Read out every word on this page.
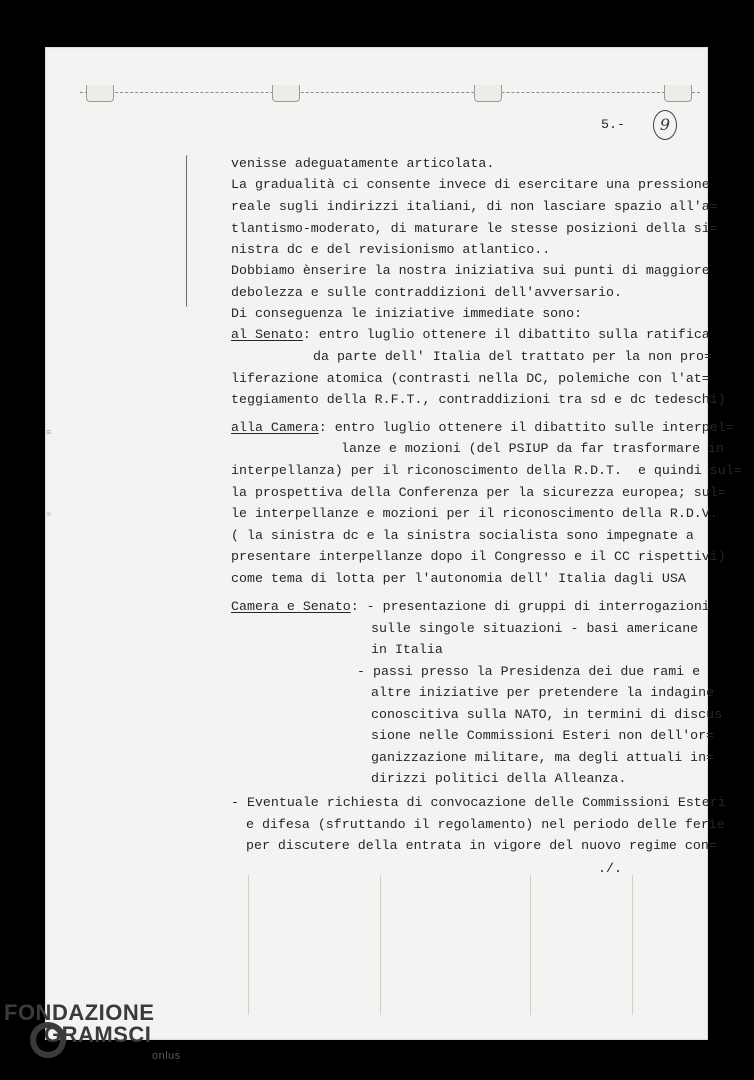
≡
≈
5.-	9
venisse adeguatamente articolata.
La gradualità ci consente invece di esercitare una pressione
reale sugli indirizzi italiani, di non lasciare spazio all'a=
tlantismo-moderato, di maturare le stesse posizioni della si=
nistra dc e del revisionismo atlantico..
Dobbiamo ènserire la nostra iniziativa sui punti di maggiore
debolezza e sulle contraddizioni dell'avversario.
Di conseguenza le iniziative immediate sono:
al Senato: entro luglio ottenere il dibattito sulla ratifica
da parte dell' Italia del trattato per la non pro=
liferazione atomica (contrasti nella DC, polemiche con l'at=
teggiamento della R.F.T., contraddizioni tra sd e dc tedeschi)
alla Camera: entro luglio ottenere il dibattito sulle interpel=
lanze e mozioni (del PSIUP da far trasformare in
interpellanza) per il riconoscimento della R.D.T.  e quindi sul=
la prospettiva della Conferenza per la sicurezza europea; sul=
le interpellanze e mozioni per il riconoscimento della R.D.V.
( la sinistra dc e la sinistra socialista sono impegnate a
presentare interpellanze dopo il Congresso e il CC rispettivi)
come tema di lotta per l'autonomia dell' Italia dagli USA
Camera e Senato: - presentazione di gruppi di interrogazioni
sulle singole situazioni - basi americane
in Italia
- passi presso la Presidenza dei due rami e
altre iniziative per pretendere la indagine
conoscitiva sulla NATO, in termini di discus
sione nelle Commissioni Esteri non dell'or=
ganizzazione militare, ma degli attuali in=
dirizzi politici della Alleanza.
- Eventuale richiesta di convocazione delle Commissioni Esteri
e difesa (sfruttando il regolamento) nel periodo delle ferie
per discutere della entrata in vigore del nuovo regime con=
./.
FONDAZIONE
GRAMSCI
onlus
